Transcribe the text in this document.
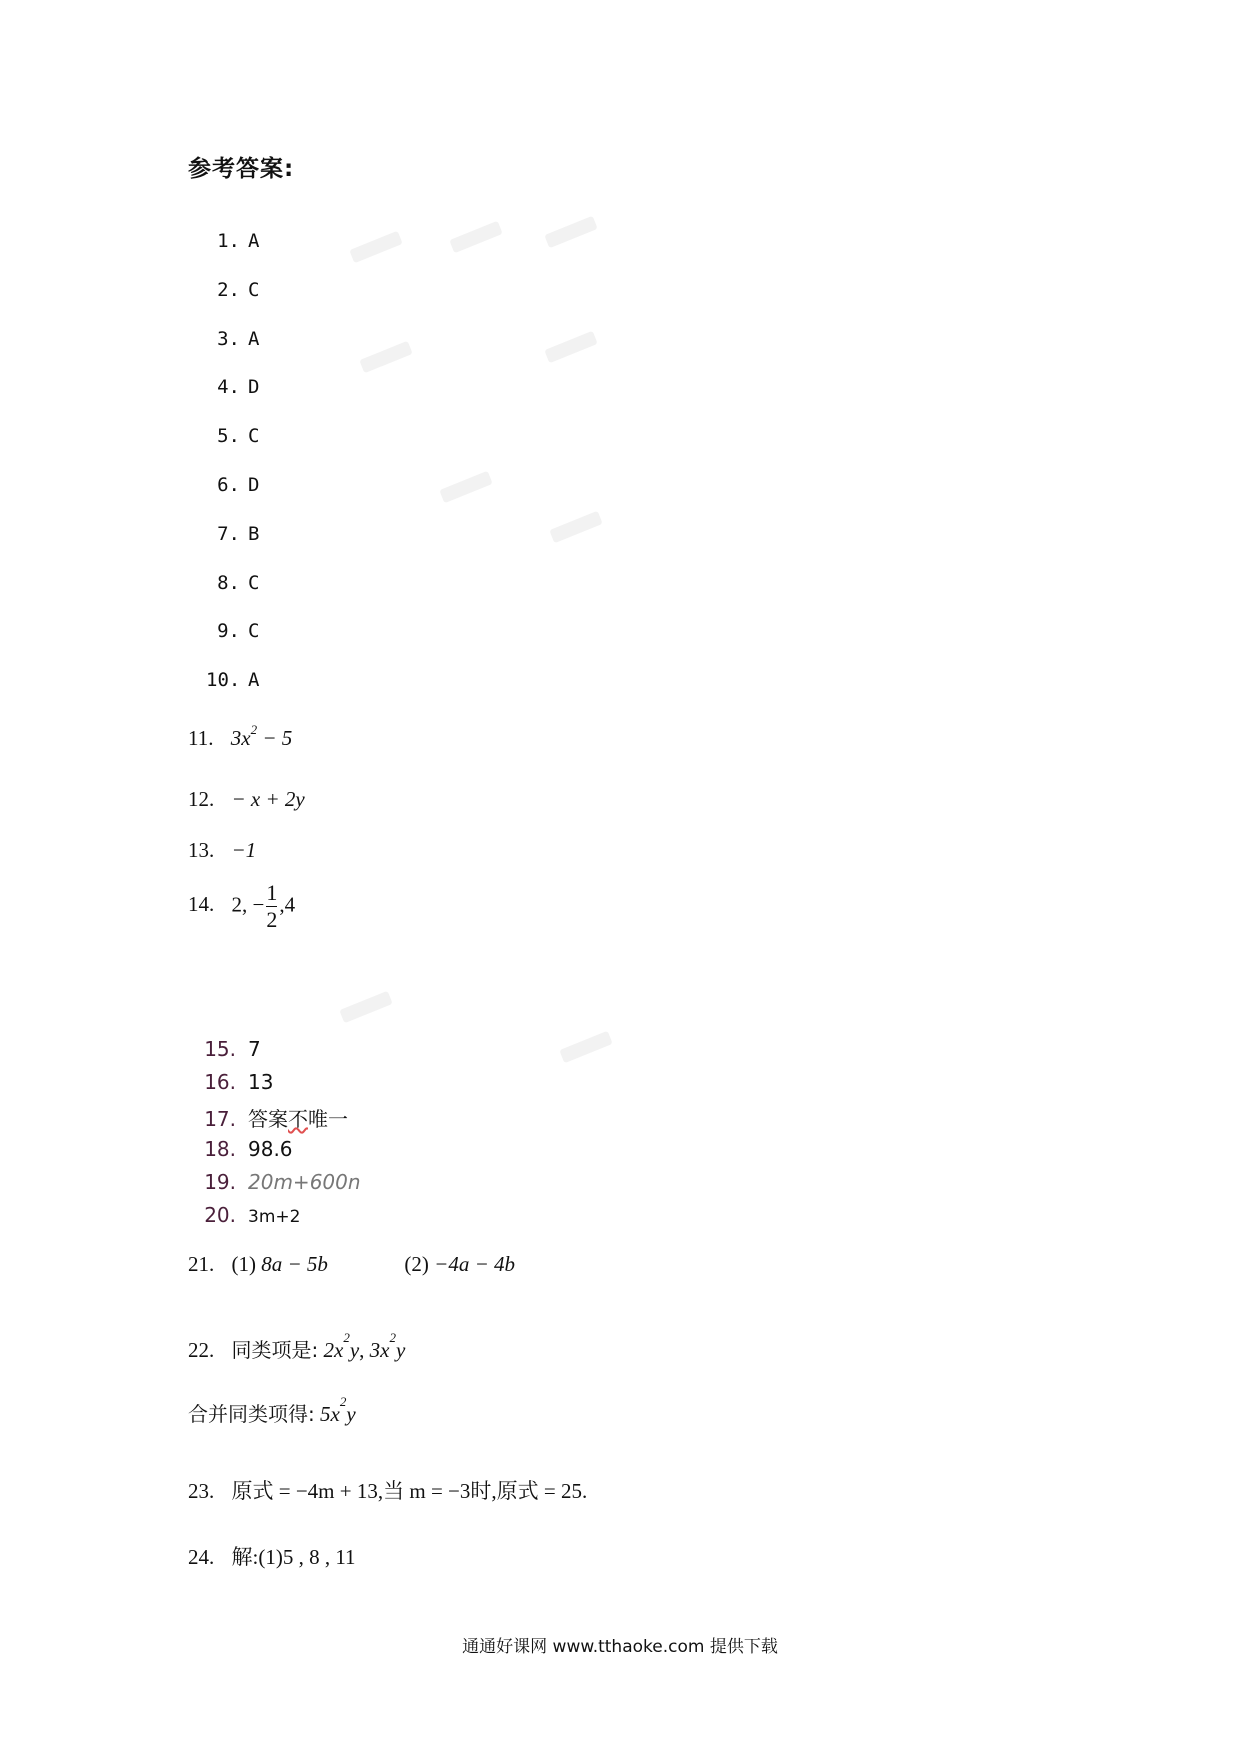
参考答案:
1. A
2. C
3. A
4. D
5. C
6. D
7. B
8. C
9. C
10. A
11. $3x^2 - 5$
12. − x + 2y
13. −1
14. 2, − $\frac{1}{2} ,4$
15. 7
16. 13
17. 答案不唯一
18. 98.6
19. 20m+600n
20. 3m+2
21. (1) 8a − 5b	(2) −4a − 4b
22. 同类项是: $2x^2y$, $3x^2y$
合并同类项得: $5x^2y$
23. 原式 = −4m + 13,当 m = −3时,原式 = 25.
24. 解:(1)5 , 8 , 11
通通好课网 www.tthaoke.com 提供下载
